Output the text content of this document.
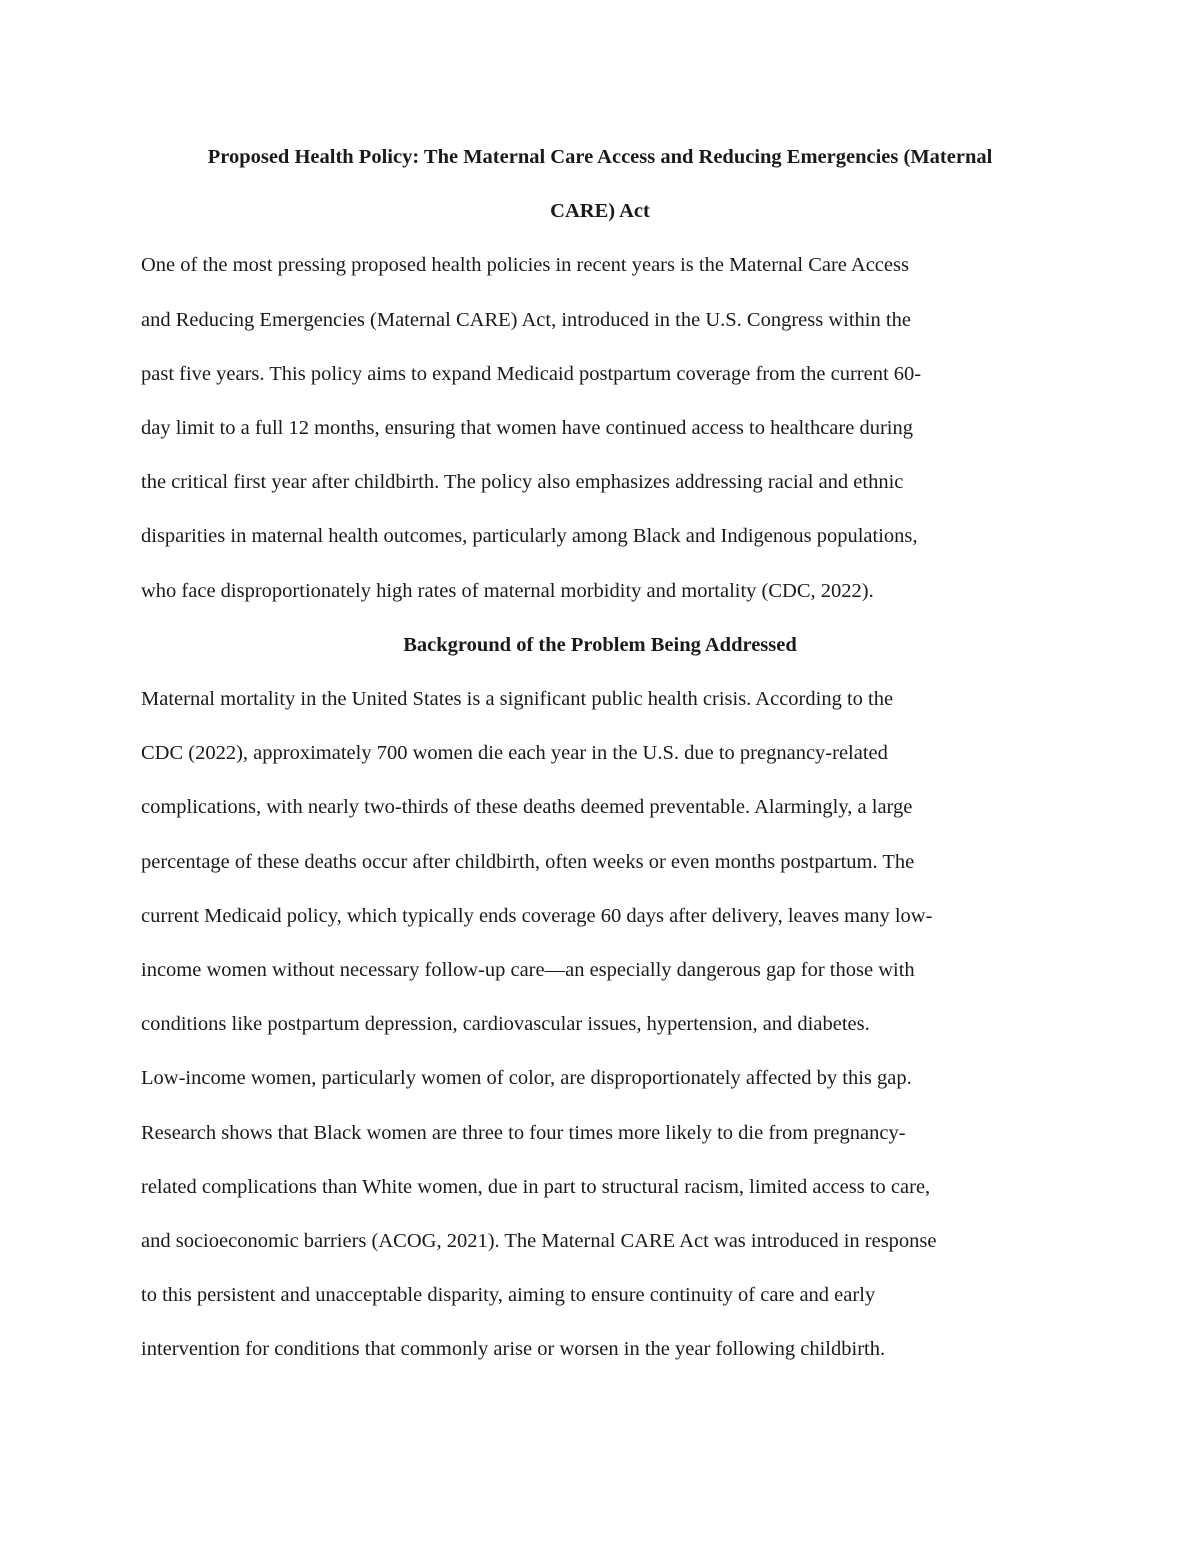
Proposed Health Policy: The Maternal Care Access and Reducing Emergencies (Maternal
CARE) Act

One of the most pressing proposed health policies in recent years is the Maternal Care Access
and Reducing Emergencies (Maternal CARE) Act, introduced in the U.S. Congress within the
past five years. This policy aims to expand Medicaid postpartum coverage from the current 60-
day limit to a full 12 months, ensuring that women have continued access to healthcare during
the critical first year after childbirth. The policy also emphasizes addressing racial and ethnic
disparities in maternal health outcomes, particularly among Black and Indigenous populations,
who face disproportionately high rates of maternal morbidity and mortality (CDC, 2022).

Background of the Problem Being Addressed

Maternal mortality in the United States is a significant public health crisis. According to the
CDC (2022), approximately 700 women die each year in the U.S. due to pregnancy-related
complications, with nearly two-thirds of these deaths deemed preventable. Alarmingly, a large
percentage of these deaths occur after childbirth, often weeks or even months postpartum. The
current Medicaid policy, which typically ends coverage 60 days after delivery, leaves many low-
income women without necessary follow-up care—an especially dangerous gap for those with
conditions like postpartum depression, cardiovascular issues, hypertension, and diabetes.
Low-income women, particularly women of color, are disproportionately affected by this gap.
Research shows that Black women are three to four times more likely to die from pregnancy-
related complications than White women, due in part to structural racism, limited access to care,
and socioeconomic barriers (ACOG, 2021). The Maternal CARE Act was introduced in response
to this persistent and unacceptable disparity, aiming to ensure continuity of care and early
intervention for conditions that commonly arise or worsen in the year following childbirth.
